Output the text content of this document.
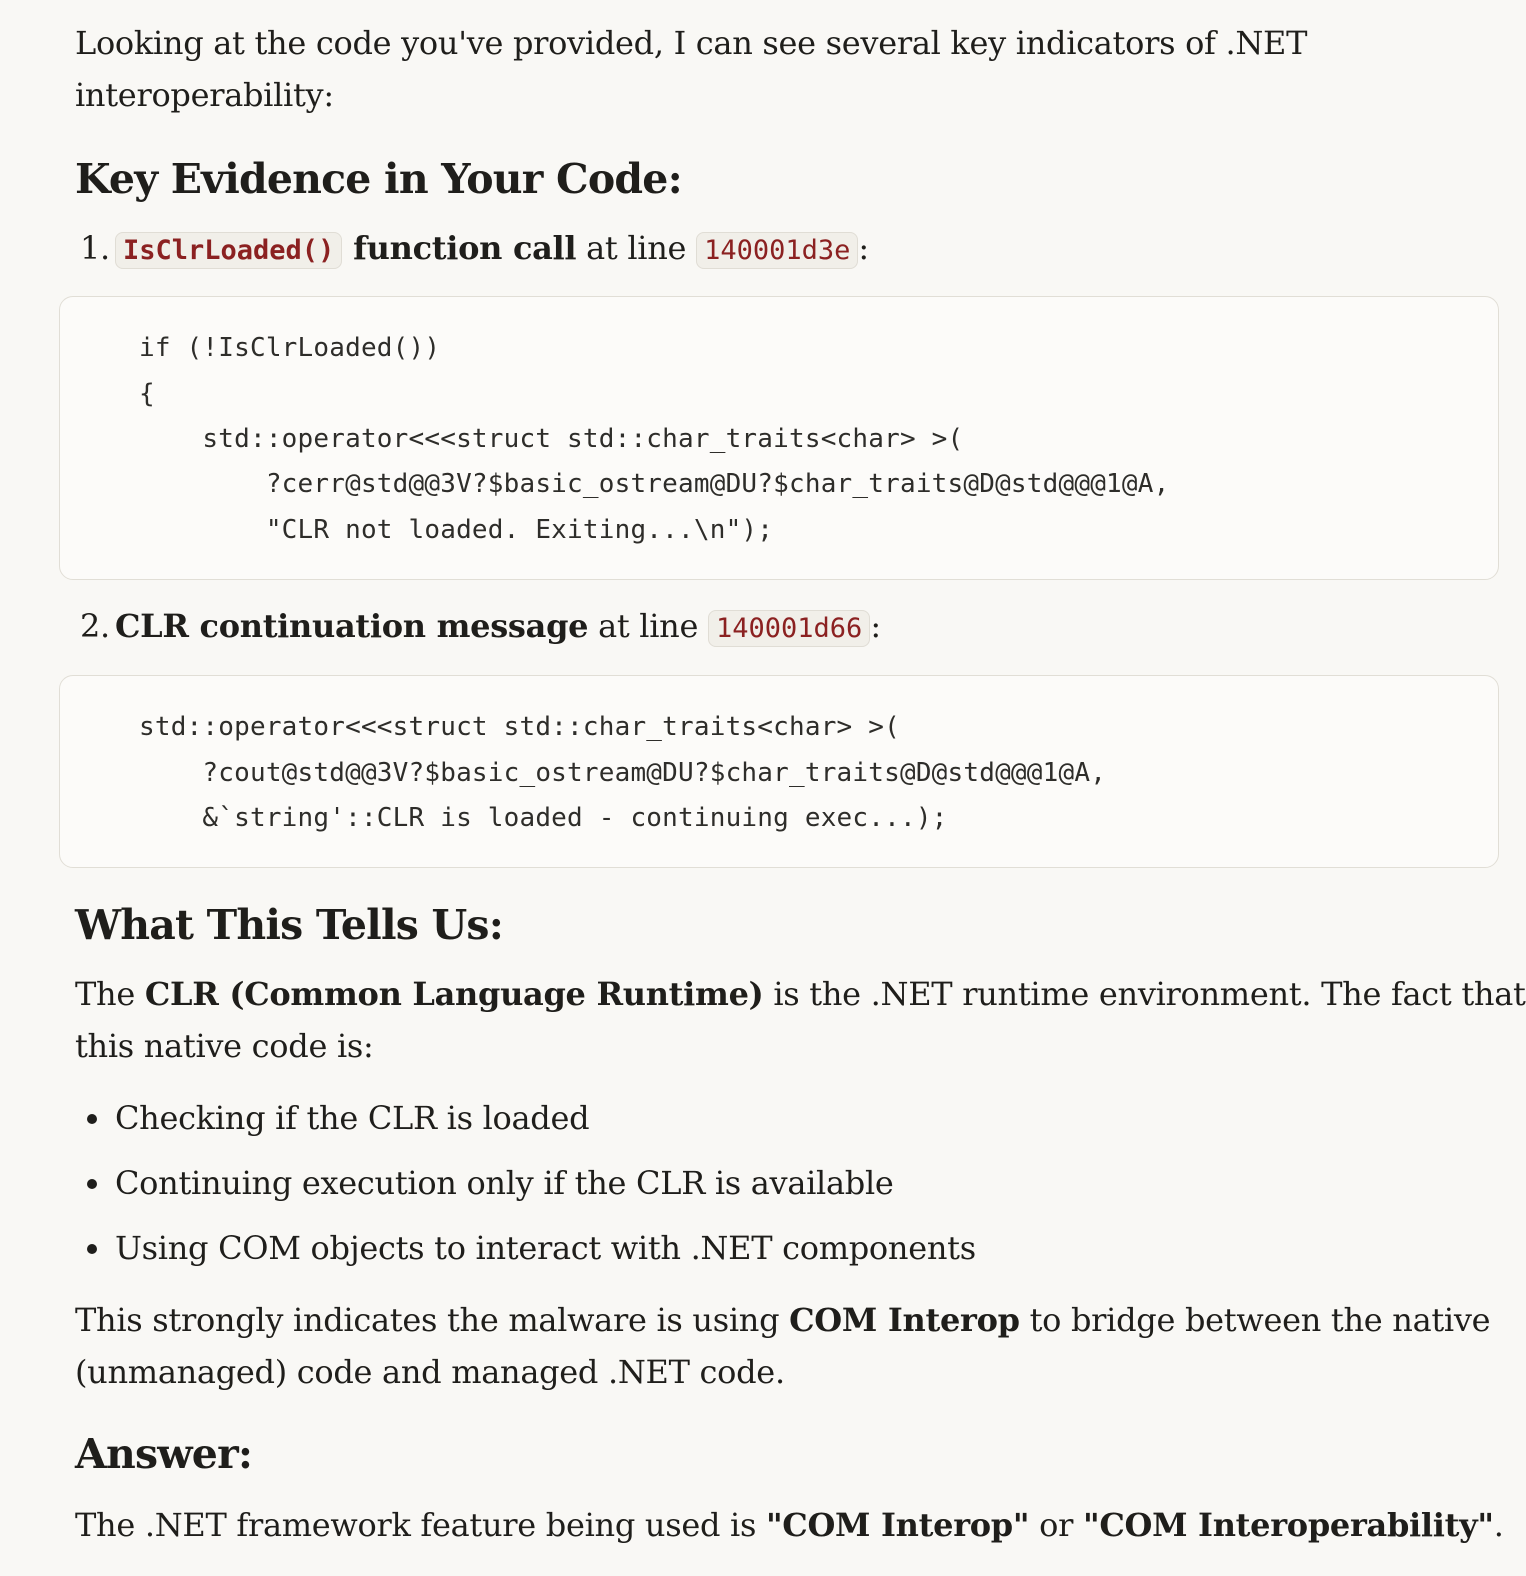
Looking at the code you've provided, I can see several key indicators of .NET
interoperability:
Key Evidence in Your Code:
1. IsClrLoaded() function call at line 140001d3e :
if (!IsClrLoaded())
{
std::operator<<<struct std::char_traits<char> >(
?cerr@std@@3V?$basic_ostream@DU?$char_traits@D@std@@@1@A,
"CLR not loaded. Exiting...\n");
2. CLR continuation message at line 140001d66 :
std::operator<<<struct std::char_traits<char> >(
?cout@std@@3V?$basic_ostream@DU?$char_traits@D@std@@@1@A,
&`string'::CLR is loaded - continuing exec...);
What This Tells Us:
The CLR (Common Language Runtime) is the .NET runtime environment. The fact that
this native code is:
Checking if the CLR is loaded
Continuing execution only if the CLR is available
Using COM objects to interact with .NET components
This strongly indicates the malware is using COM Interop to bridge between the native
(unmanaged) code and managed .NET code.
Answer:
The .NET framework feature being used is "COM Interop" or "COM Interoperability".
